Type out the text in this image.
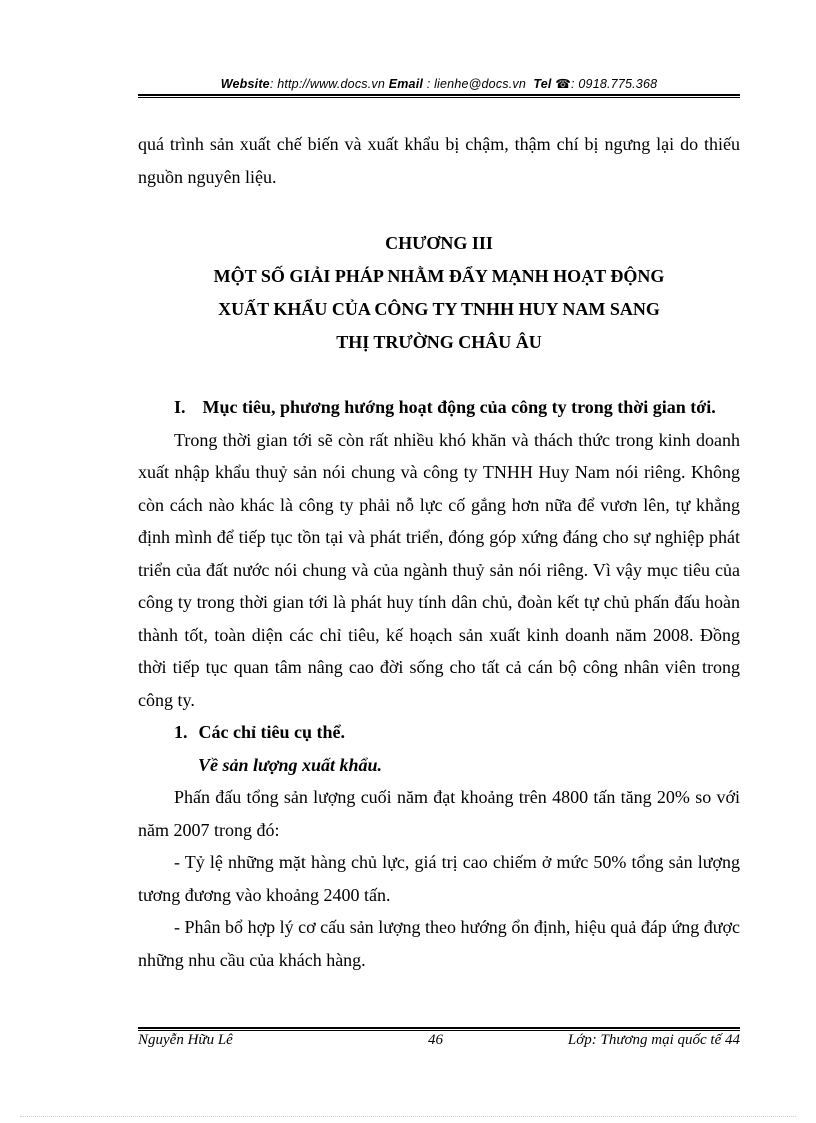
Website: http://www.docs.vn Email : lienhe@docs.vn Tel ☎: 0918.775.368

quá trình sản xuất chế biến và xuất khẩu bị chậm, thậm chí bị ngưng lại do thiếu nguồn nguyên liệu.

CHƯƠNG III
MỘT SỐ GIẢI PHÁP NHẰM ĐẨY MẠNH HOẠT ĐỘNG
XUẤT KHẨU CỦA CÔNG TY TNHH HUY NAM SANG
THỊ TRƯỜNG CHÂU ÂU

I. Mục tiêu, phương hướng hoạt động của công ty trong thời gian tới.

Trong thời gian tới sẽ còn rất nhiều khó khăn và thách thức trong kinh doanh xuất nhập khẩu thuỷ sản nói chung và công ty TNHH Huy Nam nói riêng. Không còn cách nào khác là công ty phải nỗ lực cố gắng hơn nữa để vươn lên, tự khẳng định mình để tiếp tục tồn tại và phát triển, đóng góp xứng đáng cho sự nghiệp phát triển của đất nước nói chung và của ngành thuỷ sản nói riêng. Vì vậy mục tiêu của công ty trong thời gian tới là phát huy tính dân chủ, đoàn kết tự chủ phấn đấu hoàn thành tốt, toàn diện các chỉ tiêu, kế hoạch sản xuất kinh doanh năm 2008. Đồng thời tiếp tục quan tâm nâng cao đời sống cho tất cả cán bộ công nhân viên trong công ty.

1. Các chỉ tiêu cụ thể.

Về sản lượng xuất khẩu.

Phấn đấu tổng sản lượng cuối năm đạt khoảng trên 4800 tấn tăng 20% so với năm 2007 trong đó:

- Tỷ lệ những mặt hàng chủ lực, giá trị cao chiếm ở mức 50% tổng sản lượng tương đương vào khoảng 2400 tấn.

- Phân bổ hợp lý cơ cấu sản lượng theo hướng ổn định, hiệu quả đáp ứng được những nhu cầu của khách hàng.

Nguyễn Hữu Lê	46	Lớp: Thương mại quốc tế 44
